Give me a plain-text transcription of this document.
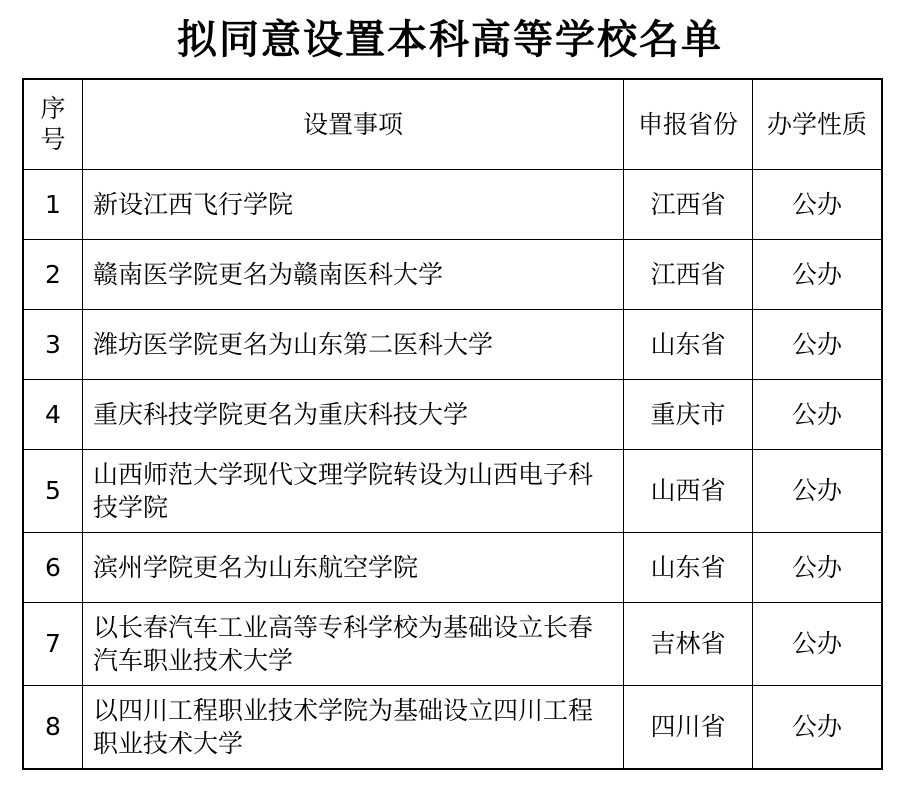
拟同意设置本科高等学校名单
序号	设置事项	申报省份	办学性质

1	新设江西飞行学院	江西省	公办

2	赣南医学院更名为赣南医科大学	江西省	公办

3	潍坊医学院更名为山东第二医科大学	山东省	公办

4	重庆科技学院更名为重庆科技大学	重庆市	公办

5	山西师范大学现代文理学院转设为山西电子科技学院	山西省	公办

6	滨州学院更名为山东航空学院	山东省	公办

7	以长春汽车工业高等专科学校为基础设立长春汽车职业技术大学	吉林省	公办

8	以四川工程职业技术学院为基础设立四川工程职业技术大学	四川省	公办
